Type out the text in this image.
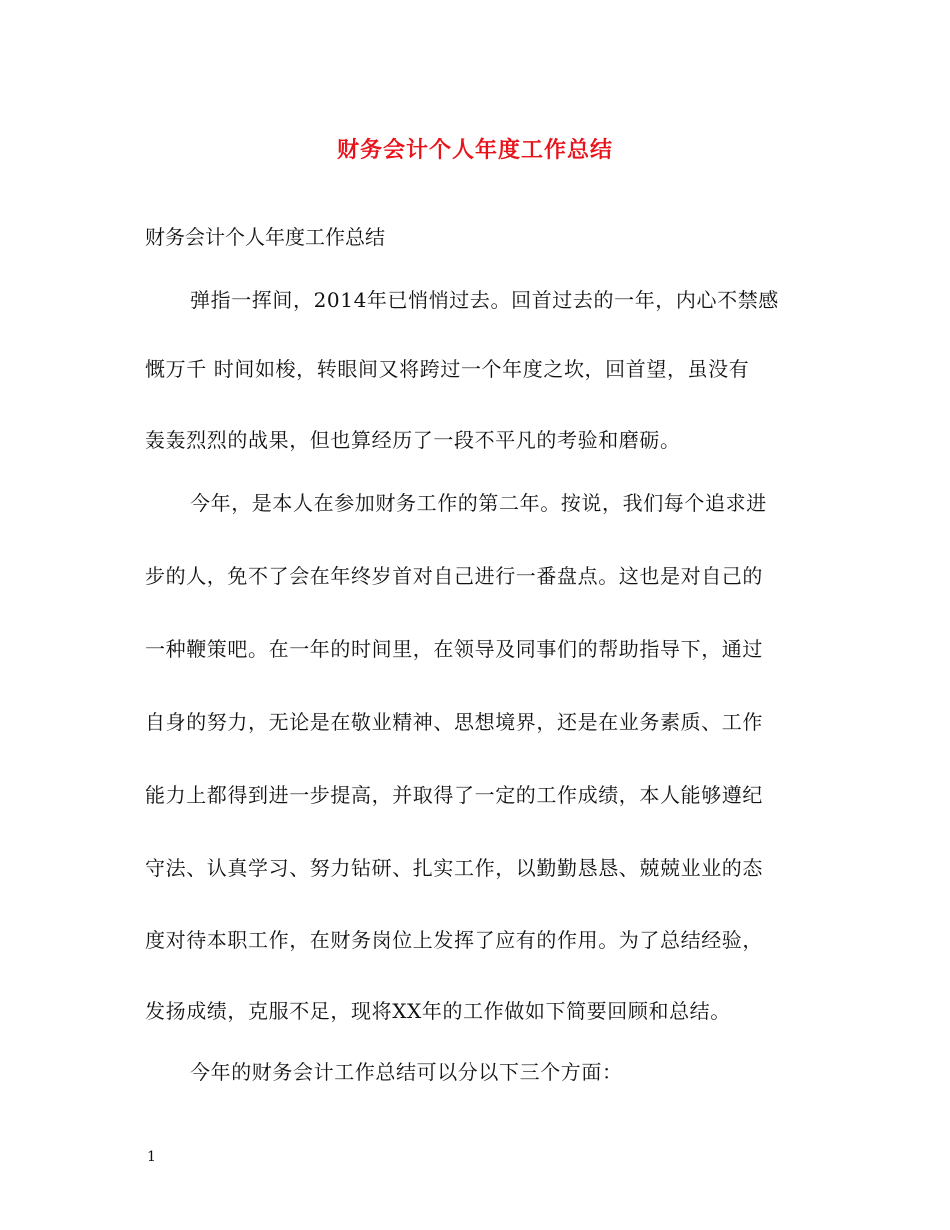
财务会计个人年度工作总结
财务会计个人年度工作总结
弹指一挥间，2014年已悄悄过去。回首过去的一年，内心不禁感
慨万千 时间如梭，转眼间又将跨过一个年度之坎，回首望，虽没有
轰轰烈烈的战果，但也算经历了一段不平凡的考验和磨砺。
今年，是本人在参加财务工作的第二年。按说，我们每个追求进
步的人，免不了会在年终岁首对自己进行一番盘点。这也是对自己的
一种鞭策吧。在一年的时间里，在领导及同事们的帮助指导下，通过
自身的努力，无论是在敬业精神、思想境界，还是在业务素质、工作
能力上都得到进一步提高，并取得了一定的工作成绩，本人能够遵纪
守法、认真学习、努力钻研、扎实工作，以勤勤恳恳、兢兢业业的态
度对待本职工作，在财务岗位上发挥了应有的作用。为了总结经验，
发扬成绩，克服不足，现将XX年的工作做如下简要回顾和总结。
今年的财务会计工作总结可以分以下三个方面：
1
